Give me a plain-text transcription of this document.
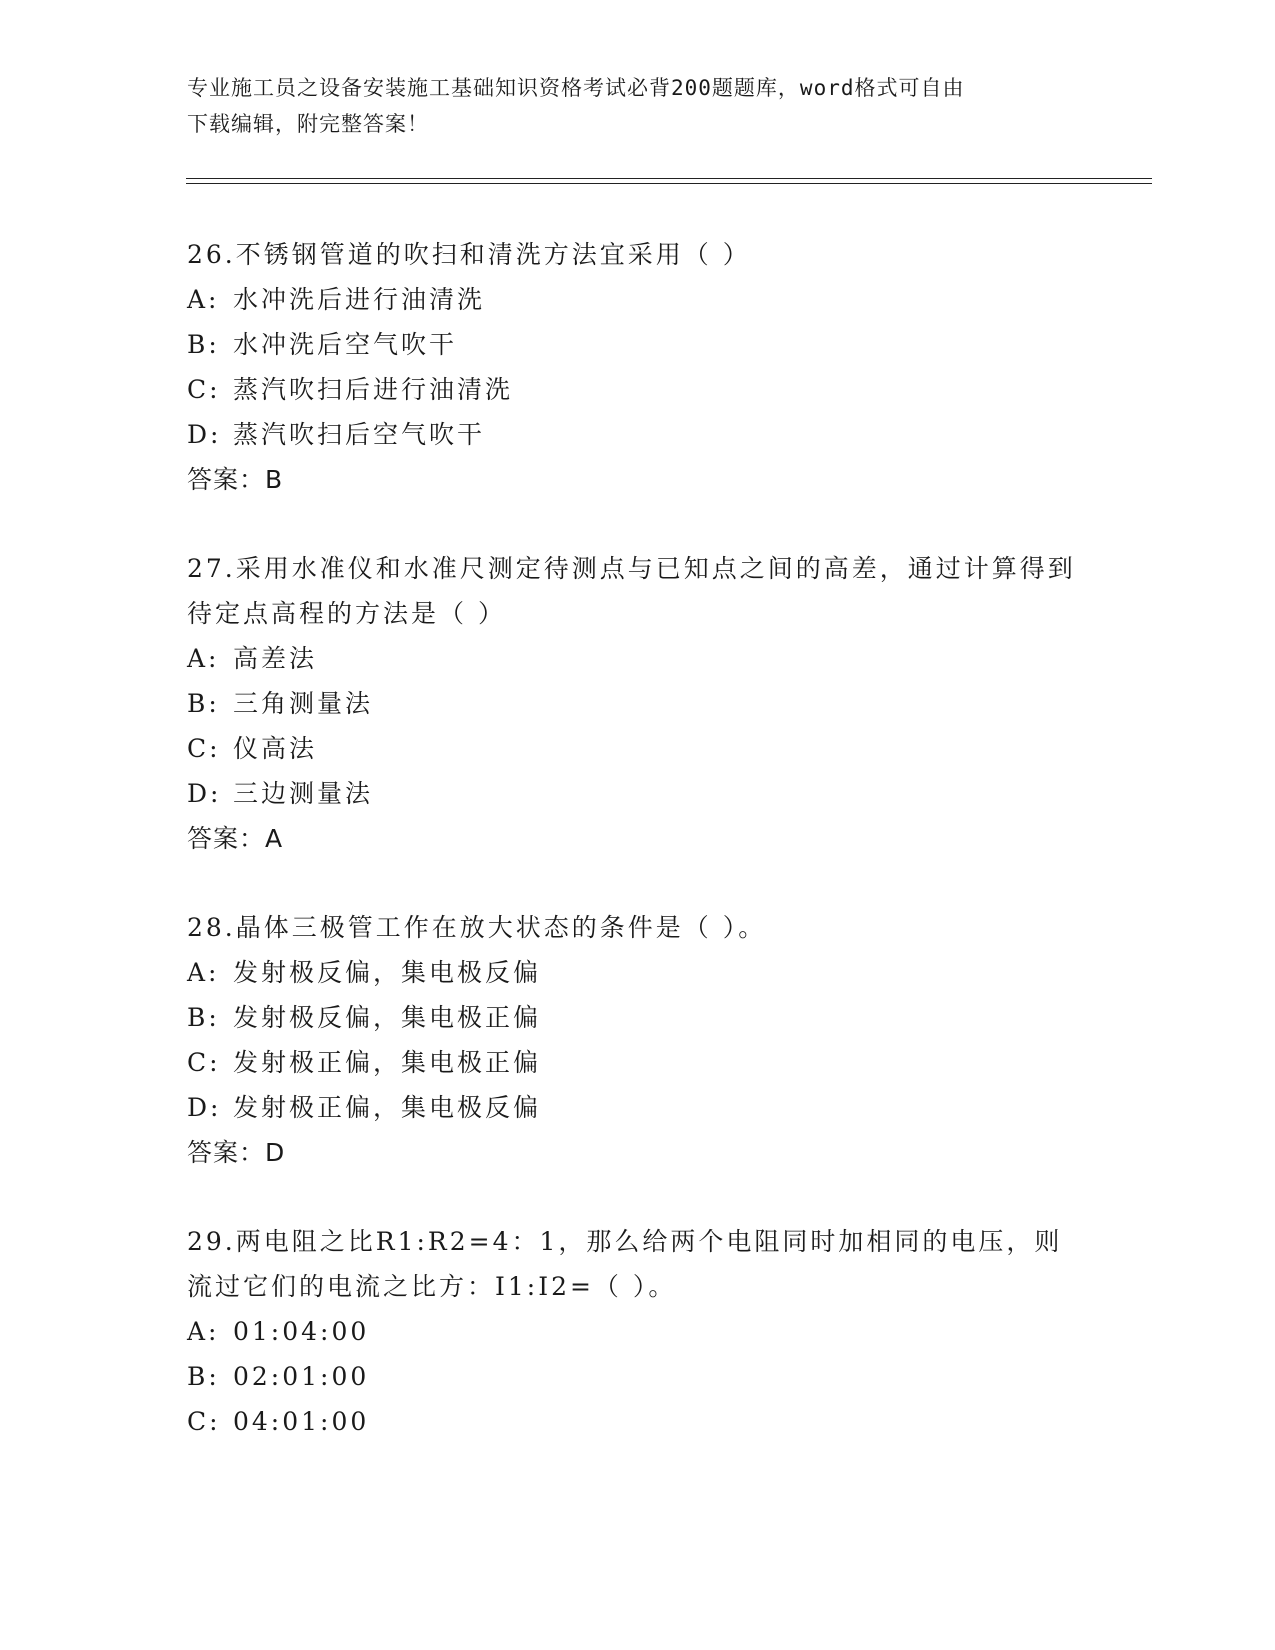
专业施工员之设备安装施工基础知识资格考试必背200题题库，word格式可自由
下载编辑，附完整答案！

26.不锈钢管道的吹扫和清洗方法宜采用（ ）

A: 水冲洗后进行油清洗

B: 水冲洗后空气吹干

C: 蒸汽吹扫后进行油清洗

D: 蒸汽吹扫后空气吹干

答案：B

27.采用水准仪和水准尺测定待测点与已知点之间的高差，通过计算得到待定点高程的方法是（ ）

A: 高差法

B: 三角测量法

C: 仪高法

D: 三边测量法

答案：A

28.晶体三极管工作在放大状态的条件是（ ）。

A: 发射极反偏，集电极反偏

B: 发射极反偏，集电极正偏

C: 发射极正偏，集电极正偏

D: 发射极正偏，集电极反偏

答案：D

29.两电阻之比R1:R2=4：1，那么给两个电阻同时加相同的电压，则流过它们的电流之比方：I1:I2=（ ）。

A: 01:04:00

B: 02:01:00

C: 04:01:00
